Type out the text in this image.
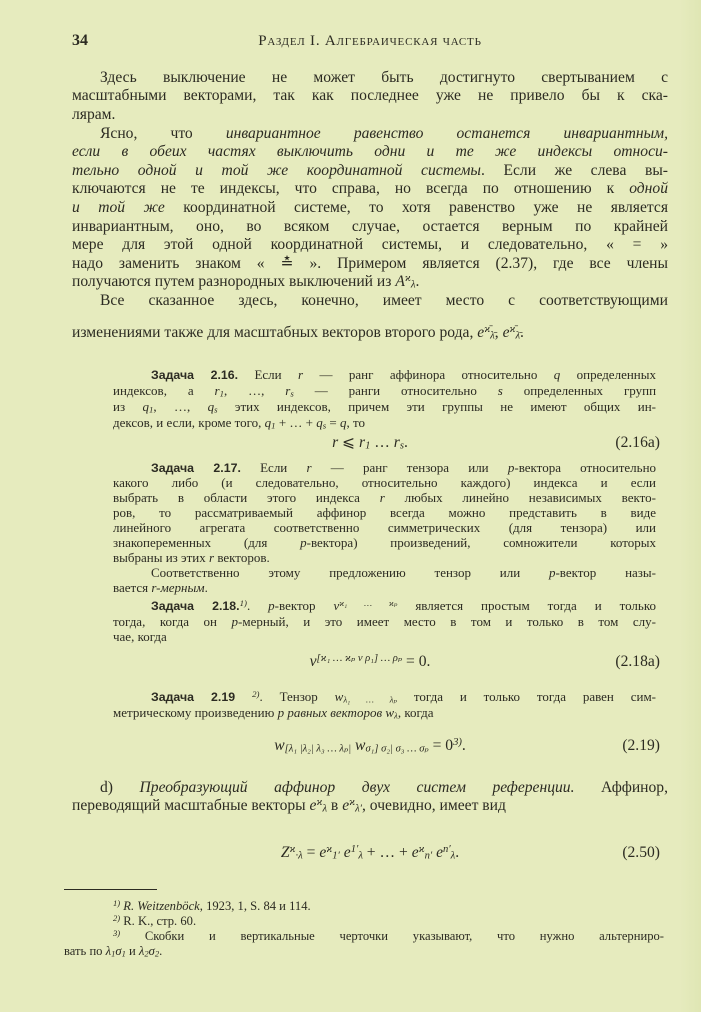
34	Раздел I. Алгебраическая часть
Здесь выключение не может быть достигнуто свертыванием с
масштабными векторами, так как последнее уже не привело бы к ска-
лярам.
Ясно, что инвариантное равенство останется инвариантным,
если в обеих частях выключить одни и те же индексы относи-
тельно одной и той же координатной системы. Если же слева вы-
ключаются не те индексы, что справа, но всегда по отношению к одной
и той же координатной системе, то хотя равенство уже не является
инвариантным, оно, во всяком случае, остается верным по крайней
мере для этой одной координатной системы, и следовательно, « = »
надо заменить знаком « ≛ ». Примером является (2.37), где все члены
получаются путем разнородных выключений из $A^ϰ\lambda$.
Все сказанное здесь, конечно, имеет место с соответствующими
изменениями также для масштабных векторов второго рода, $e^{ϰ̄}\lambdā$, $e^{ϰ̄}\lambdā$.
Задача 2.16. Если r — ранг аффинора относительно q определенных
индексов, а r1, …, rs — ранги относительно s определенных групп
из q1, …, qs этих индексов, причем эти группы не имеют общих ин-
дексов, и если, кроме того, q1 + … + qs = q, то
r ⩽ r1 … rs.	(2.16a)
Задача 2.17. Если r — ранг тензора или p-вектора относительно
какого либо (и следовательно, относительно каждого) индекса и если
выбрать в области этого индекса r любых линейно независимых векто-
ров, то рассматриваемый аффинор всегда можно представить в виде
линейного агрегата соответственно симметрических (для тензора) или
знакопеременных (для p-вектора) произведений, сомножители которых
выбраны из этих r векторов.
Соответственно этому предложению тензор или p-вектор назы-
вается r-мерным.
Задача 2.18.$^{1)}$. p-вектор $v^{ϰ_1 \dots ϰ_p}$ является простым тогда и только
тогда, когда он p-мерный, и это имеет место в том и только в том слу-
чае, когда
$v^{[ϰ_1 \dots ϰ_p v \rho_1] \dots \rho_p} = 0$.	(2.18a)
Задача 2.19 $^{2)}$. Тензор wλ₁ … λₚ тогда и только тогда равен сим-
метрическому произведению p равных векторов wλ, когда
w[λ₁ |λ₂| λ₃ … λₚ| wσ₁] σ₂| σ₃ … $\sigma_p = 0^{3)}$.	(2.19)
d) Преобразующий аффинор двух систем референции. Аффинор,
переводящий масштабные векторы $e^ϰ\lambda$ в $e^ϰ\lambda'$, очевидно, имеет вид
$Z^ϰ\cdot\lambda = e^ϰ1'$ $e^{1'}\lambda$ + … + $e^ϰn'$ $e^{n'}\lambda$.	(2.50)
$^{1)}$ R. Weitzenböck, 1923, 1, S. 84 и 114.
$^{2)}$ R. K., стр. 60.
$^{3)}$ Скобки и вертикальные черточки указывают, что нужно альтерниро-
вать по λ1σ1 и λ2σ2.
